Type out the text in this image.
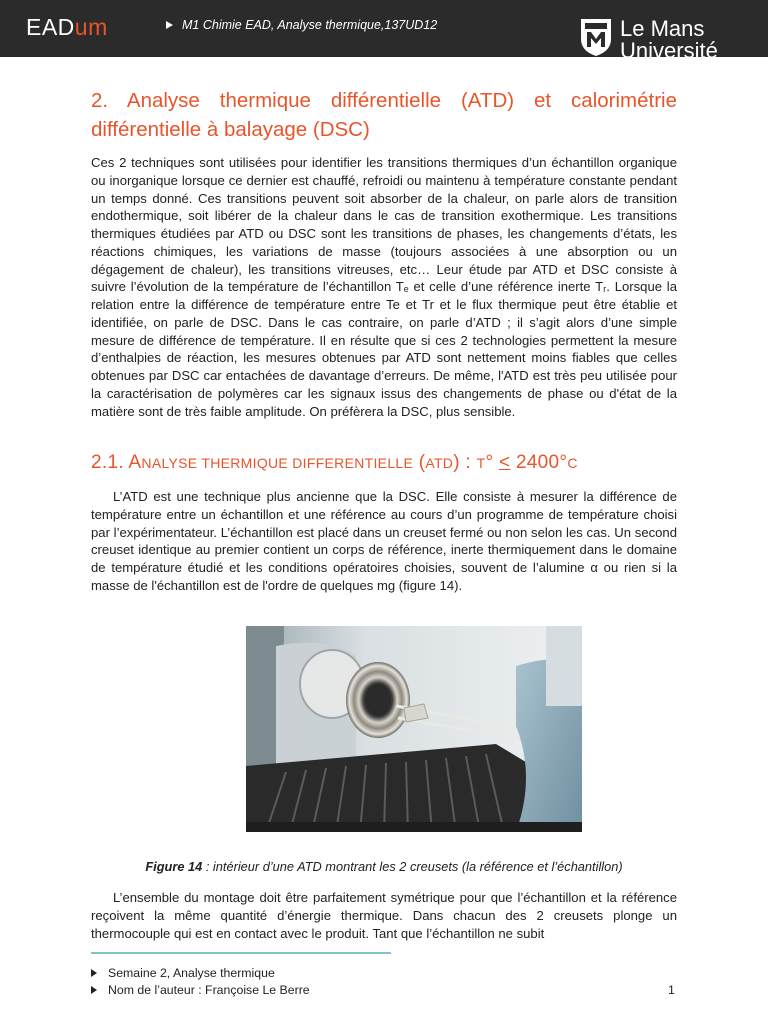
EADum	M1 Chimie EAD, Analyse thermique,137UD12	Le Mans
Université
2. Analyse thermique différentielle (ATD) et calorimétrie différentielle à balayage (DSC)

Ces 2 techniques sont utilisées pour identifier les transitions thermiques d’un échantillon organique ou inorganique lorsque ce dernier est chauffé, refroidi ou maintenu à température constante pendant un temps donné. Ces transitions peuvent soit absorber de la chaleur, on parle alors de transition endothermique, soit libérer de la chaleur dans le cas de transition exothermique. Les transitions thermiques étudiées par ATD ou DSC sont les transitions de phases, les changements d’états, les réactions chimiques, les variations de masse (toujours associées à une absorption ou un dégagement de chaleur), les transitions vitreuses, etc… Leur étude par ATD et DSC consiste à suivre l’évolution de la température de l’échantillon Tₑ et celle d’une référence inerte Tᵣ. Lorsque la relation entre la différence de température entre Te et Tr et le flux thermique peut être établie et identifiée, on parle de DSC. Dans le cas contraire, on parle d’ATD ; il s’agit alors d’une simple mesure de différence de température. Il en résulte que si ces 2 technologies permettent la mesure d’enthalpies de réaction, les mesures obtenues par ATD sont nettement moins fiables que celles obtenues par DSC car entachées de davantage d’erreurs. De même, l'ATD est très peu utilisée pour la caractérisation de polymères car les signaux issus des changements de phase ou d'état de la matière sont de très faible amplitude. On préfèrera la DSC, plus sensible.

2.1. ANALYSE THERMIQUE DIFFERENTIELLE (ATD) : T° < 2400°C

L’ATD est une technique plus ancienne que la DSC. Elle consiste à mesurer la différence de température entre un échantillon et une référence au cours d’un programme de température choisi par l’expérimentateur. L’échantillon est placé dans un creuset fermé ou non selon les cas. Un second creuset identique au premier contient un corps de référence, inerte thermiquement dans le domaine de température étudié et les conditions opératoires choisies, souvent de l’alumine α ou rien si la masse de l'échantillon est de l'ordre de quelques mg (figure 14).

Figure 14 : intérieur d’une ATD montrant les 2 creusets (la référence et l’échantillon)

L’ensemble du montage doit être parfaitement symétrique pour que l’échantillon et la référence reçoivent la même quantité d’énergie thermique. Dans chacun des 2 creusets plonge un thermocouple qui est en contact avec le produit. Tant que l’échantillon ne subit

Semaine 2, Analyse thermique
Nom de l’auteur : Françoise Le Berre	1
